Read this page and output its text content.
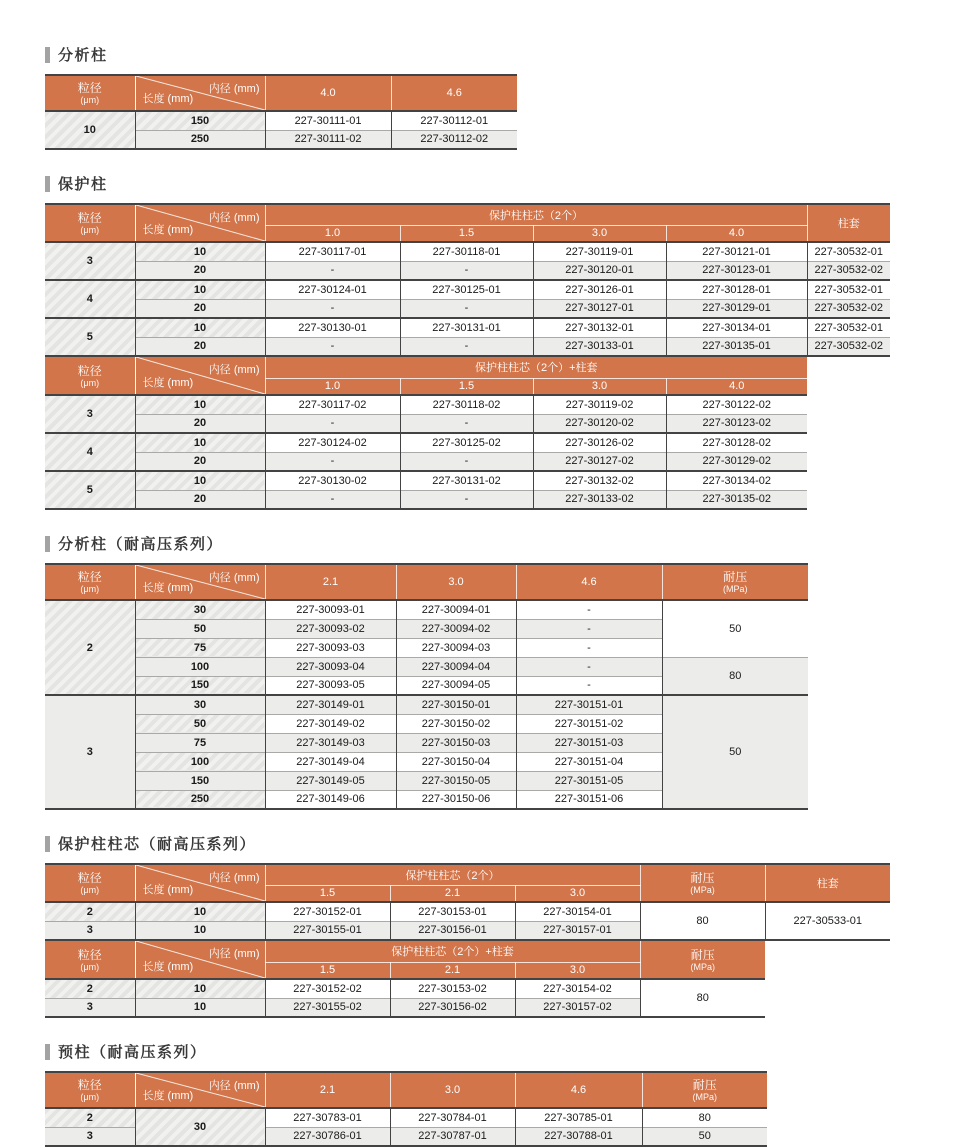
分析柱
粒径
(μm)

内径 (mm)
长度 (mm)	4.0	4.6
10	150	227-30111-01	227-30112-01
	250	227-30111-02	227-30112-02
保护柱
粒径
(μm)

内径 (mm)
长度 (mm)
	保护柱柱芯（2个）	柱套
		1.0	1.5	3.0	4.0	
3	10	227-30117-01	227-30118-01	227-30119-01	227-30121-01	227-30532-01
	20	-	-	227-30120-01	227-30123-01	227-30532-02
4	10	227-30124-01	227-30125-01	227-30126-01	227-30128-01	227-30532-01
	20	-	-	227-30127-01	227-30129-01	227-30532-02
5	10	227-30130-01	227-30131-01	227-30132-01	227-30134-01	227-30532-01
	20	-	-	227-30133-01	227-30135-01	227-30532-02
粒径
(μm)

内径 (mm)
长度 (mm)
	保护柱柱芯（2个）+柱套
		1.0	1.5	3.0	4.0
3	10	227-30117-02	227-30118-02	227-30119-02	227-30122-02
	20	-	-	227-30120-02	227-30123-02
4	10	227-30124-02	227-30125-02	227-30126-02	227-30128-02
	20	-	-	227-30127-02	227-30129-02
5	10	227-30130-02	227-30131-02	227-30132-02	227-30134-02
	20	-	-	227-30133-02	227-30135-02
分析柱（耐高压系列）
粒径
(μm)

内径 (mm)
长度 (mm)	2.1	3.0	4.6	耐压
(MPa)

2	30	227-30093-01	227-30094-01	-	50
	50	227-30093-02	227-30094-02	-	
	75	227-30093-03	227-30094-03	-	
	100	227-30093-04	227-30094-04	-	80
	150	227-30093-05	227-30094-05	-	
3	30	227-30149-01	227-30150-01	227-30151-01	50
	50	227-30149-02	227-30150-02	227-30151-02	
	75	227-30149-03	227-30150-03	227-30151-03	
	100	227-30149-04	227-30150-04	227-30151-04	
	150	227-30149-05	227-30150-05	227-30151-05	
	250	227-30149-06	227-30150-06	227-30151-06	
保护柱柱芯（耐高压系列）
粒径
(μm)

内径 (mm)
长度 (mm)
	保护柱柱芯（2个）	耐压
(MPa)	柱套
		1.5	2.1	3.0		
2	10	227-30152-01	227-30153-01	227-30154-01	80	227-30533-01
3	10	227-30155-01	227-30156-01	227-30157-01		
粒径
(μm)

内径 (mm)
长度 (mm)
	保护柱柱芯（2个）+柱套	耐压
(MPa)

		1.5	2.1	3.0	
2	10	227-30152-02	227-30153-02	227-30154-02	80
3	10	227-30155-02	227-30156-02	227-30157-02	
预柱（耐高压系列）
粒径
(μm)

内径 (mm)
长度 (mm)	2.1	3.0	4.6	耐压
(MPa)

2	30	227-30783-01	227-30784-01	227-30785-01	80
3		227-30786-01	227-30787-01	227-30788-01	50
